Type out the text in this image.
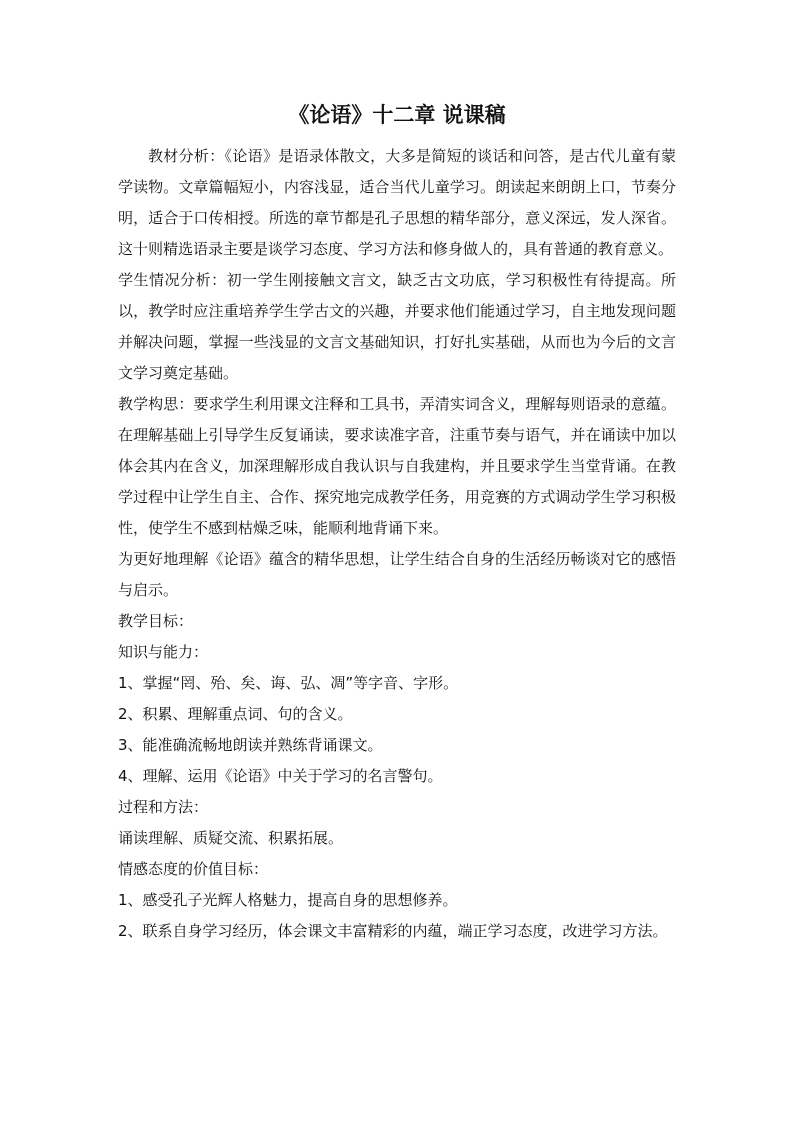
《论语》十二章 说课稿

教材分析：《论语》是语录体散文，大多是简短的谈话和问答，是古代儿童有蒙学读物。文章篇幅短小，内容浅显，适合当代儿童学习。朗读起来朗朗上口，节奏分明，适合于口传相授。所选的章节都是孔子思想的精华部分，意义深远，发人深省。这十则精选语录主要是谈学习态度、学习方法和修身做人的，具有普通的教育意义。

学生情况分析：初一学生刚接触文言文，缺乏古文功底，学习积极性有待提高。所以，教学时应注重培养学生学古文的兴趣，并要求他们能通过学习，自主地发现问题并解决问题，掌握一些浅显的文言文基础知识，打好扎实基础，从而也为今后的文言文学习奠定基础。

教学构思：要求学生利用课文注释和工具书，弄清实词含义，理解每则语录的意蕴。在理解基础上引导学生反复诵读，要求读准字音，注重节奏与语气，并在诵读中加以体会其内在含义，加深理解形成自我认识与自我建构，并且要求学生当堂背诵。在教学过程中让学生自主、合作、探究地完成教学任务，用竞赛的方式调动学生学习积极性，使学生不感到枯燥乏味，能顺利地背诵下来。

为更好地理解《论语》蕴含的精华思想，让学生结合自身的生活经历畅谈对它的感悟与启示。

教学目标：

知识与能力：

1、掌握“罔、殆、矣、诲、弘、凋”等字音、字形。

2、积累、理解重点词、句的含义。

3、能准确流畅地朗读并熟练背诵课文。

4、理解、运用《论语》中关于学习的名言警句。

过程和方法：

诵读理解、质疑交流、积累拓展。

情感态度的价值目标：

1、感受孔子光辉人格魅力，提高自身的思想修养。

2、联系自身学习经历，体会课文丰富精彩的内蕴，端正学习态度，改进学习方法。
